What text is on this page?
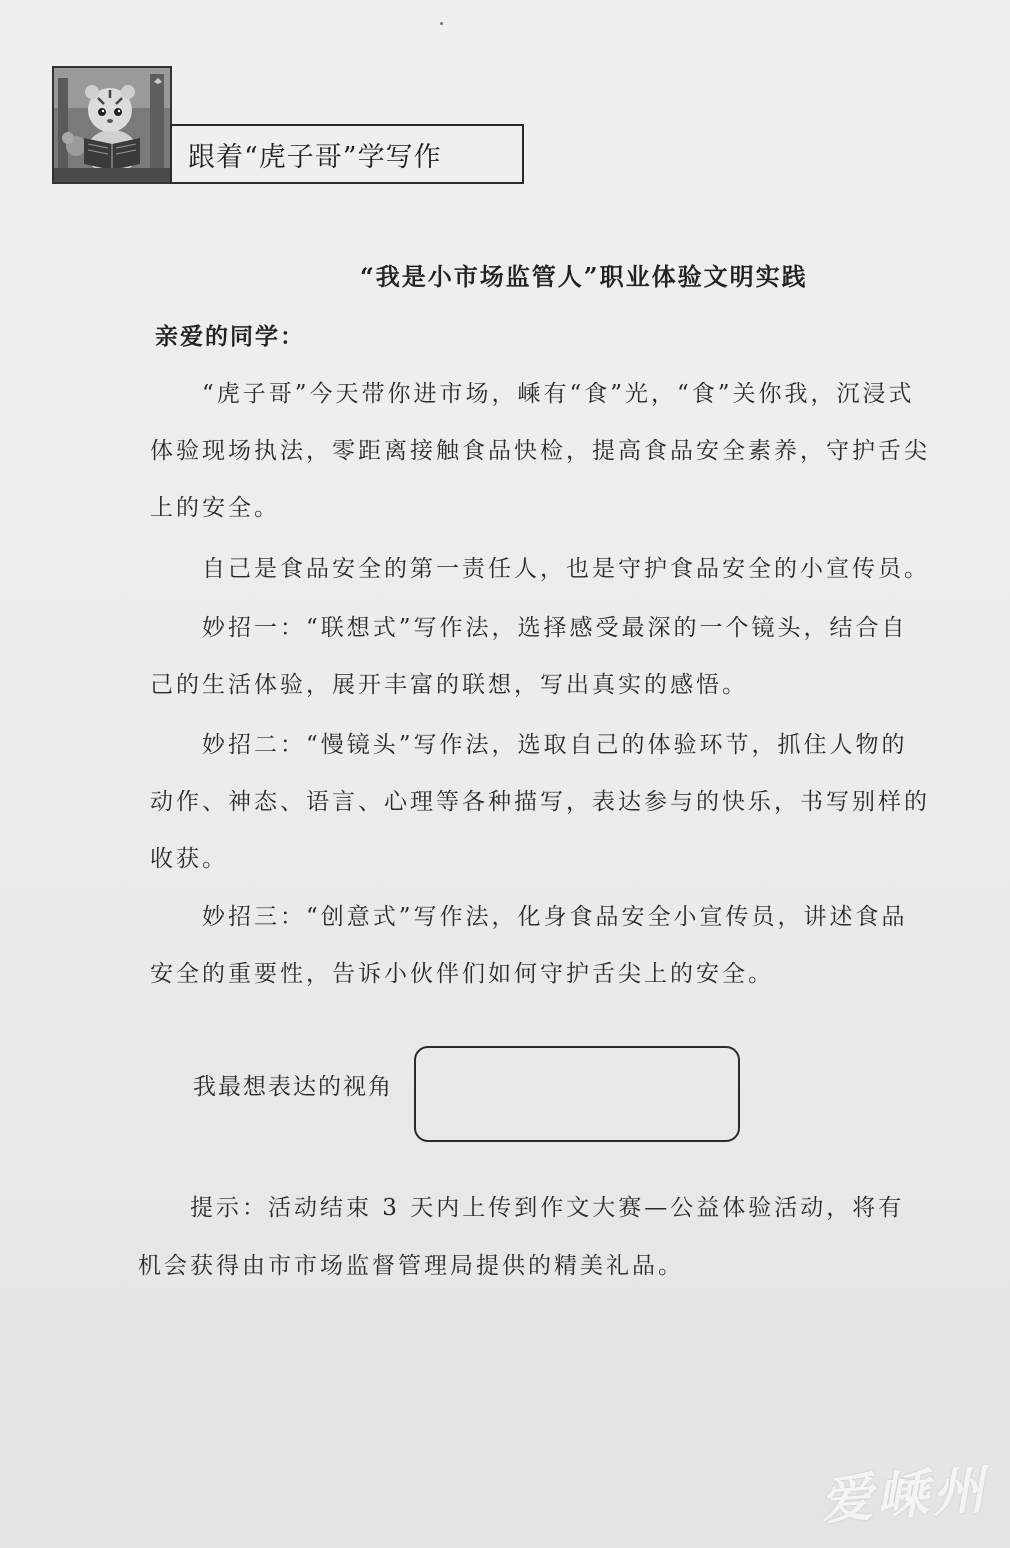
跟着“虎子哥”学写作
“我是小市场监管人”职业体验文明实践
亲爱的同学：

“虎子哥”今天带你进市场，嵊有“食”光，“食”关你我，沉浸式体验现场执法，零距离接触食品快检，提高食品安全素养，守护舌尖上的安全。

自己是食品安全的第一责任人，也是守护食品安全的小宣传员。

妙招一：“联想式”写作法，选择感受最深的一个镜头，结合自己的生活体验，展开丰富的联想，写出真实的感悟。

妙招二：“慢镜头”写作法，选取自己的体验环节，抓住人物的动作、神态、语言、心理等各种描写，表达参与的快乐，书写别样的收获。

妙招三：“创意式”写作法，化身食品安全小宣传员，讲述食品安全的重要性，告诉小伙伴们如何守护舌尖上的安全。

我最想表达的视角

提示：活动结束 3 天内上传到作文大赛—公益体验活动，将有机会获得由市市场监督管理局提供的精美礼品。

爱嵊州
